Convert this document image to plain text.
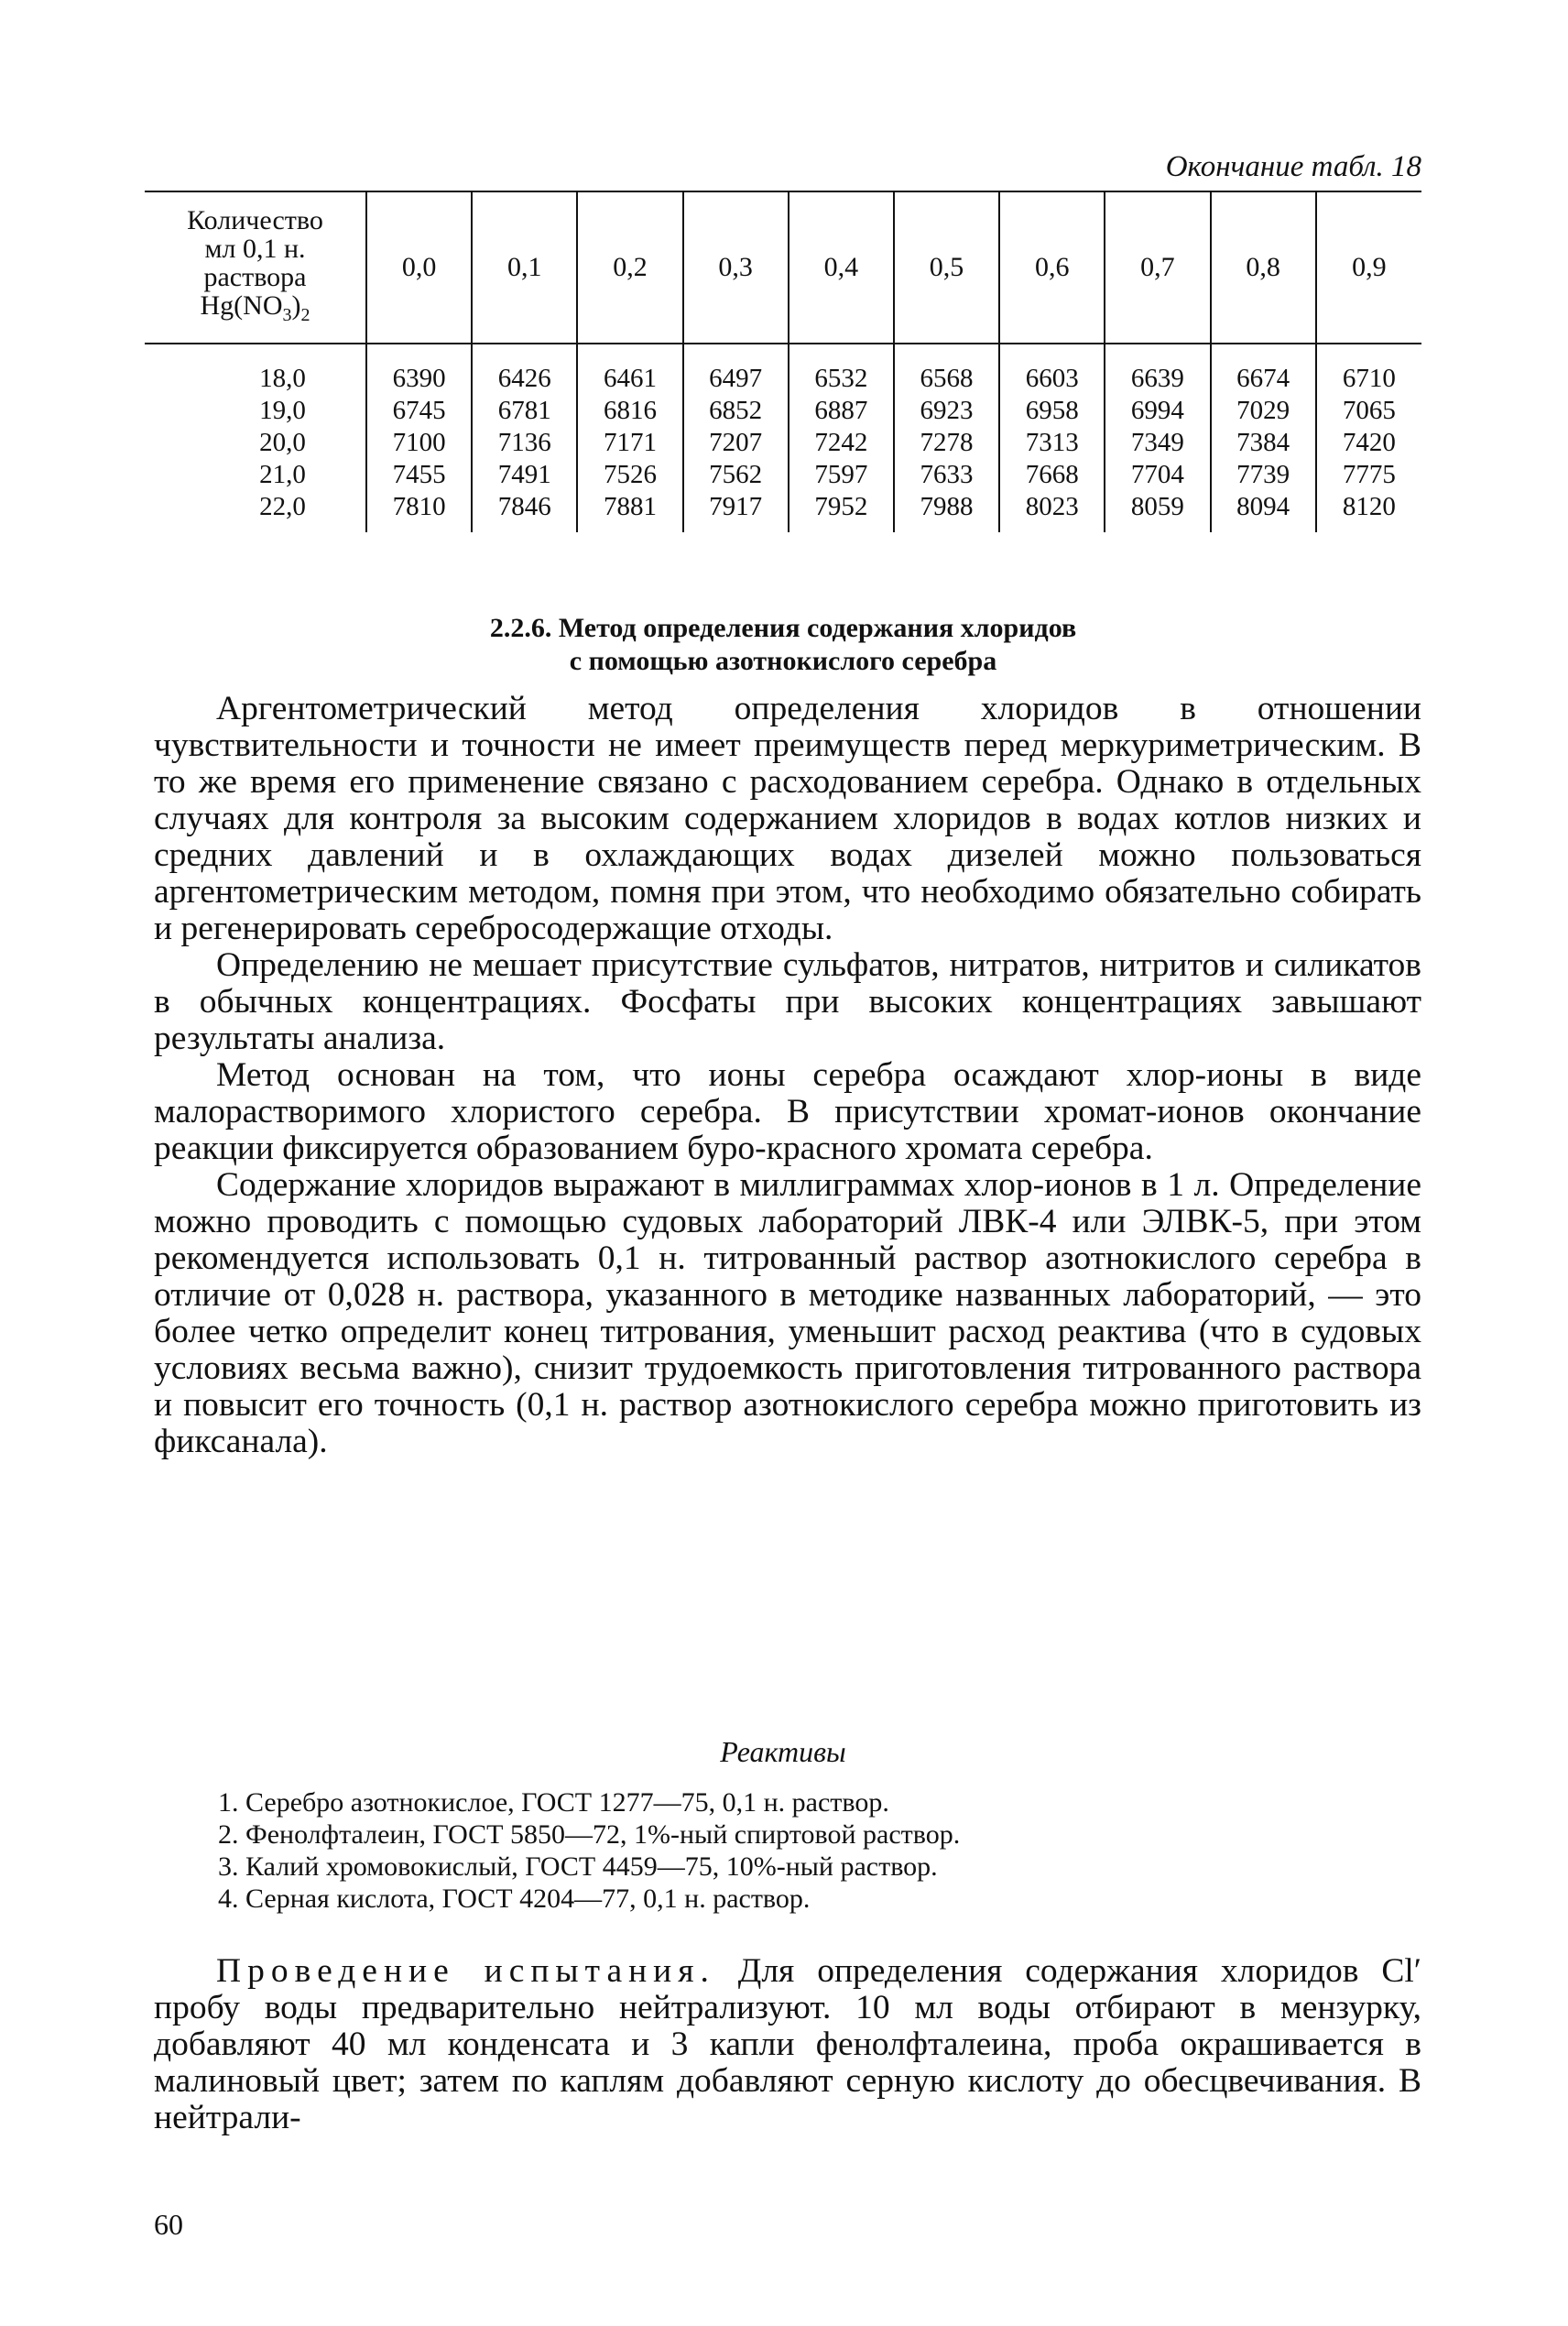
Окончание табл. 18
Количество
мл 0,1 н.
раствора
$Hg(NO_3)_2$	0,0	0,1	0,2	0,3	0,4	0,5	0,6	0,7	0,8	0,9
18,0	6390	6426	6461	6497	6532	6568	6603	6639	6674	6710
19,0	6745	6781	6816	6852	6887	6923	6958	6994	7029	7065
20,0	7100	7136	7171	7207	7242	7278	7313	7349	7384	7420
21,0	7455	7491	7526	7562	7597	7633	7668	7704	7739	7775
22,0	7810	7846	7881	7917	7952	7988	8023	8059	8094	8120
2.2.6. Метод определения содержания хлоридов
с помощью азотнокислого серебра

Аргентометрический метод определения хлоридов в отношении чувствительности и точности не имеет преимуществ перед меркуриметрическим. В то же время его применение связано с расходованием серебра. Однако в отдельных случаях для контроля за высоким содержанием хлоридов в водах котлов низких и средних давлений и в охлаждающих водах дизелей можно пользоваться аргентометрическим методом, помня при этом, что необходимо обязательно собирать и регенерировать серебросодержащие отходы.

Определению не мешает присутствие сульфатов, нитратов, нитритов и силикатов в обычных концентрациях. Фосфаты при высоких концентрациях завышают результаты анализа.

Метод основан на том, что ионы серебра осаждают хлор-ионы в виде малорастворимого хлористого серебра. В присутствии хромат-ионов окончание реакции фиксируется образованием буро-красного хромата серебра.

Содержание хлоридов выражают в миллиграммах хлор-ионов в 1 л. Определение можно проводить с помощью судовых лабораторий ЛВК-4 или ЭЛВК-5, при этом рекомендуется использовать 0,1 н. титрованный раствор азотнокислого серебра в отличие от 0,028 н. раствора, указанного в методике названных лабораторий, — это более четко определит конец титрования, уменьшит расход реактива (что в судовых условиях весьма важно), снизит трудоемкость приготовления титрованного раствора и повысит его точность (0,1 н. раствор азотнокислого серебра можно приготовить из фиксанала).

Реактивы
1. Серебро азотнокислое, ГОСТ 1277—75, 0,1 н. раствор.
2. Фенолфталеин, ГОСТ 5850—72, 1%-ный спиртовой раствор.
3. Калий хромовокислый, ГОСТ 4459—75, 10%-ный раствор.
4. Серная кислота, ГОСТ 4204—77, 0,1 н. раствор.

Проведение испытания. Для определения содержания хлоридов Cl′ пробу воды предварительно нейтрализуют. 10 мл воды отбирают в мензурку, добавляют 40 мл конденсата и 3 капли фенолфталеина, проба окрашивается в малиновый цвет; затем по каплям добавляют серную кислоту до обесцвечивания. В нейтрали-

60
